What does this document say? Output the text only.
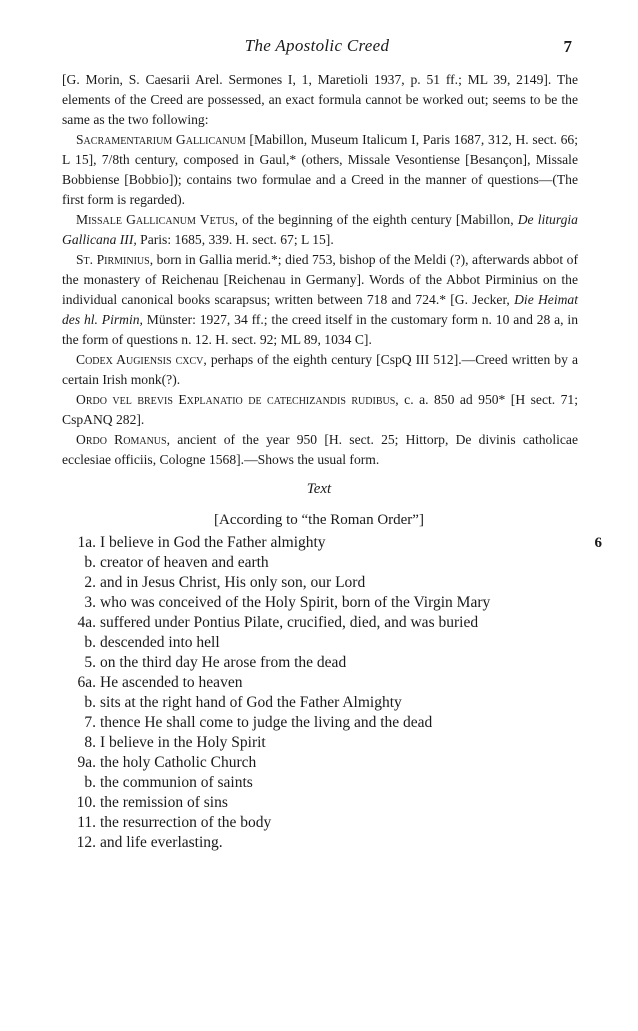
The Apostolic Creed	7

[G. Morin, S. Caesarii Arel. Sermones I, 1, Maretioli 1937, p. 51 ff.; ML 39, 2149]. The elements of the Creed are possessed, an exact formula cannot be worked out; seems to be the same as the two following:

Sacramentarium Gallicanum [Mabillon, Museum Italicum I, Paris 1687, 312, H. sect. 66; L 15], 7/8th century, composed in Gaul,* (others, Missale Vesontiense [Besançon], Missale Bobbiense [Bobbio]); contains two formulae and a Creed in the manner of questions—(The first form is regarded).

Missale Gallicanum Vetus, of the beginning of the eighth century [Mabillon, De liturgia Gallicana III, Paris: 1685, 339. H. sect. 67; L 15].

St. Pirminius, born in Gallia merid.*; died 753, bishop of the Meldi (?), afterwards abbot of the monastery of Reichenau [Reichenau in Germany]. Words of the Abbot Pirminius on the individual canonical books scarapsus; written between 718 and 724.* [G. Jecker, Die Heimat des hl. Pirmin, Münster: 1927, 34 ff.; the creed itself in the customary form n. 10 and 28 a, in the form of questions n. 12. H. sect. 92; ML 89, 1034 C].

Codex Augiensis cxcv, perhaps of the eighth century [CspQ III 512].—Creed written by a certain Irish monk(?).

Ordo vel brevis Explanatio de catechizandis rudibus, c. a. 850 ad 950* [H sect. 71; CspANQ 282].

Ordo Romanus, ancient of the year 950 [H. sect. 25; Hittorp, De divinis catholicae ecclesiae officiis, Cologne 1568].—Shows the usual form.

Text
[According to “the Roman Order”]
1a. I believe in God the Father almighty	6
b. creator of heaven and earth
2. and in Jesus Christ, His only son, our Lord
3. who was conceived of the Holy Spirit, born of the Virgin Mary
4a. suffered under Pontius Pilate, crucified, died, and was buried
b. descended into hell
5. on the third day He arose from the dead
6a. He ascended to heaven
b. sits at the right hand of God the Father Almighty
7. thence He shall come to judge the living and the dead
8. I believe in the Holy Spirit
9a. the holy Catholic Church
b. the communion of saints
10. the remission of sins
11. the resurrection of the body
12. and life everlasting.
